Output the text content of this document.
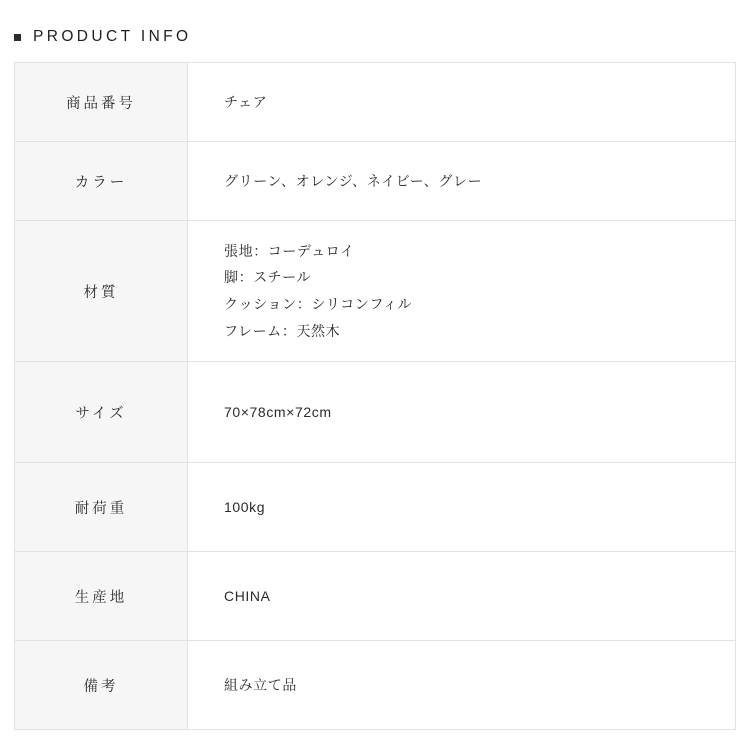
PRODUCT INFO
商品番号	チェア

カラー	グリーン、オレンジ、ネイビー、グレー

材質	張地：コーデュロイ
脚：スチール
クッション：シリコンフィル
フレーム：天然木

サイズ	70×78cm×72cm

耐荷重	100kg

生産地	CHINA

備考	組み立て品
